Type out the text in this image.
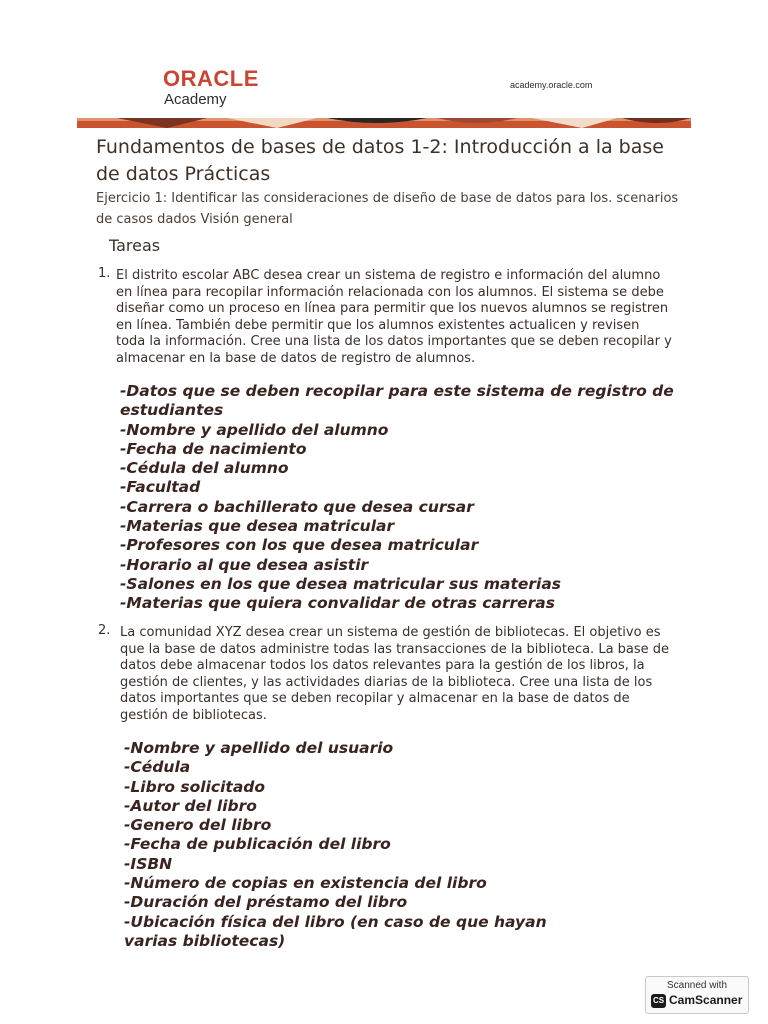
ORACLE
Academy
academy.oracle.com
Fundamentos de bases de datos 1-2: Introducción a la base de datos Prácticas
Ejercicio 1: Identificar las consideraciones de diseño de base de datos para los. scenarios de casos dados Visión general
Tareas
1. El distrito escolar ABC desea crear un sistema de registro e información del alumno en línea para recopilar información relacionada con los alumnos. El sistema se debe diseñar como un proceso en línea para permitir que los nuevos alumnos se registren en línea. También debe permitir que los alumnos existentes actualicen y revisen toda la información. Cree una lista de los datos importantes que se deben recopilar y almacenar en la base de datos de registro de alumnos.
-Datos que se deben recopilar para este sistema de registro de estudiantes
-Nombre y apellido del alumno
-Fecha de nacimiento
-Cédula del alumno
-Facultad
-Carrera o bachillerato que desea cursar
-Materias que desea matricular
-Profesores con los que desea matricular
-Horario al que desea asistir
-Salones en los que desea matricular sus materias
-Materias que quiera convalidar de otras carreras
2. La comunidad XYZ desea crear un sistema de gestión de bibliotecas. El objetivo es que la base de datos administre todas las transacciones de la biblioteca. La base de datos debe almacenar todos los datos relevantes para la gestión de los libros, la gestión de clientes, y las actividades diarias de la biblioteca. Cree una lista de los datos importantes que se deben recopilar y almacenar en la base de datos de gestión de bibliotecas.
-Nombre y apellido del usuario
-Cédula
-Libro solicitado
-Autor del libro
-Genero del libro
-Fecha de publicación del libro
-ISBN
-Número de copias en existencia del libro
-Duración del préstamo del libro
-Ubicación física del libro (en caso de que hayan varias bibliotecas)
Scanned with
CS CamScanner
